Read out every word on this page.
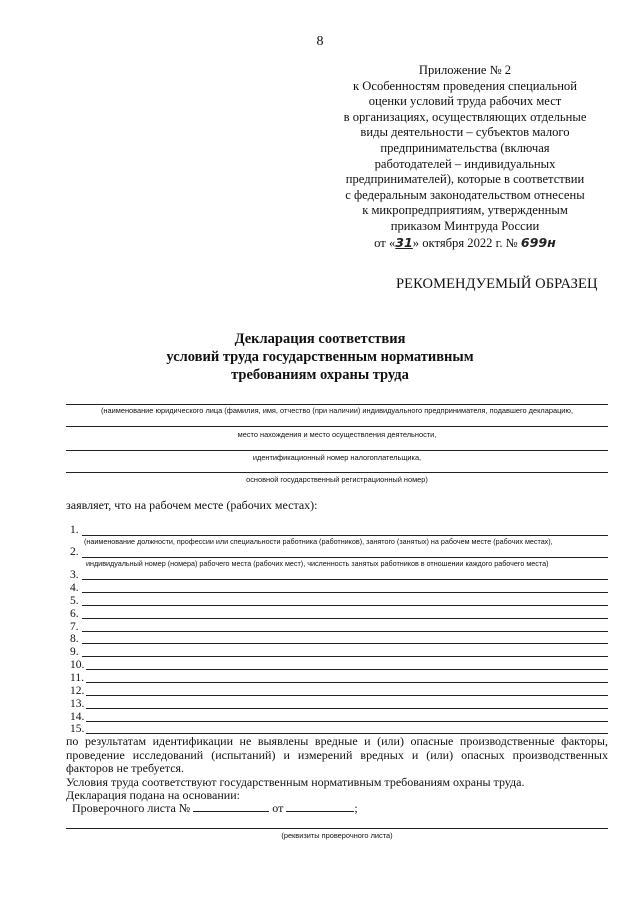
8
Приложение № 2
к Особенностям проведения специальной
оценки условий труда рабочих мест
в организациях, осуществляющих отдельные
виды деятельности – субъектов малого
предпринимательства (включая
работодателей – индивидуальных
предпринимателей), которые в соответствии
с федеральным законодательством отнесены
к микропредприятиям, утвержденным
приказом Минтруда России
от «31» октября 2022 г. № 699н
РЕКОМЕНДУЕМЫЙ ОБРАЗЕЦ
Декларация соответствия
условий труда государственным нормативным
требованиям охраны труда
(наименование юридического лица (фамилия, имя, отчество (при наличии) индивидуального предпринимателя, подавшего декларацию,
место нахождения и место осуществления деятельности,
идентификационный номер налогоплательщика,
основной государственный регистрационный номер)
заявляет, что на рабочем месте (рабочих местах):
1.
(наименование должности, профессии или специальности работника (работников), занятого (занятых) на рабочем месте (рабочих местах),
2.
индивидуальный номер (номера) рабочего места (рабочих мест), численность занятых работников в отношении каждого рабочего места)
3.
4.
5.
6.
7.
8.
9.
10.
11.
12.
13.
14.
15.
по результатам идентификации не выявлены вредные и (или) опасные производственные факторы, проведение исследований (испытаний) и измерений вредных и (или) опасных производственных факторов не требуется.
Условия труда соответствуют государственным нормативным требованиям охраны труда.
Декларация подана на основании:
Проверочного листа №	от	;
(реквизиты проверочного листа)
